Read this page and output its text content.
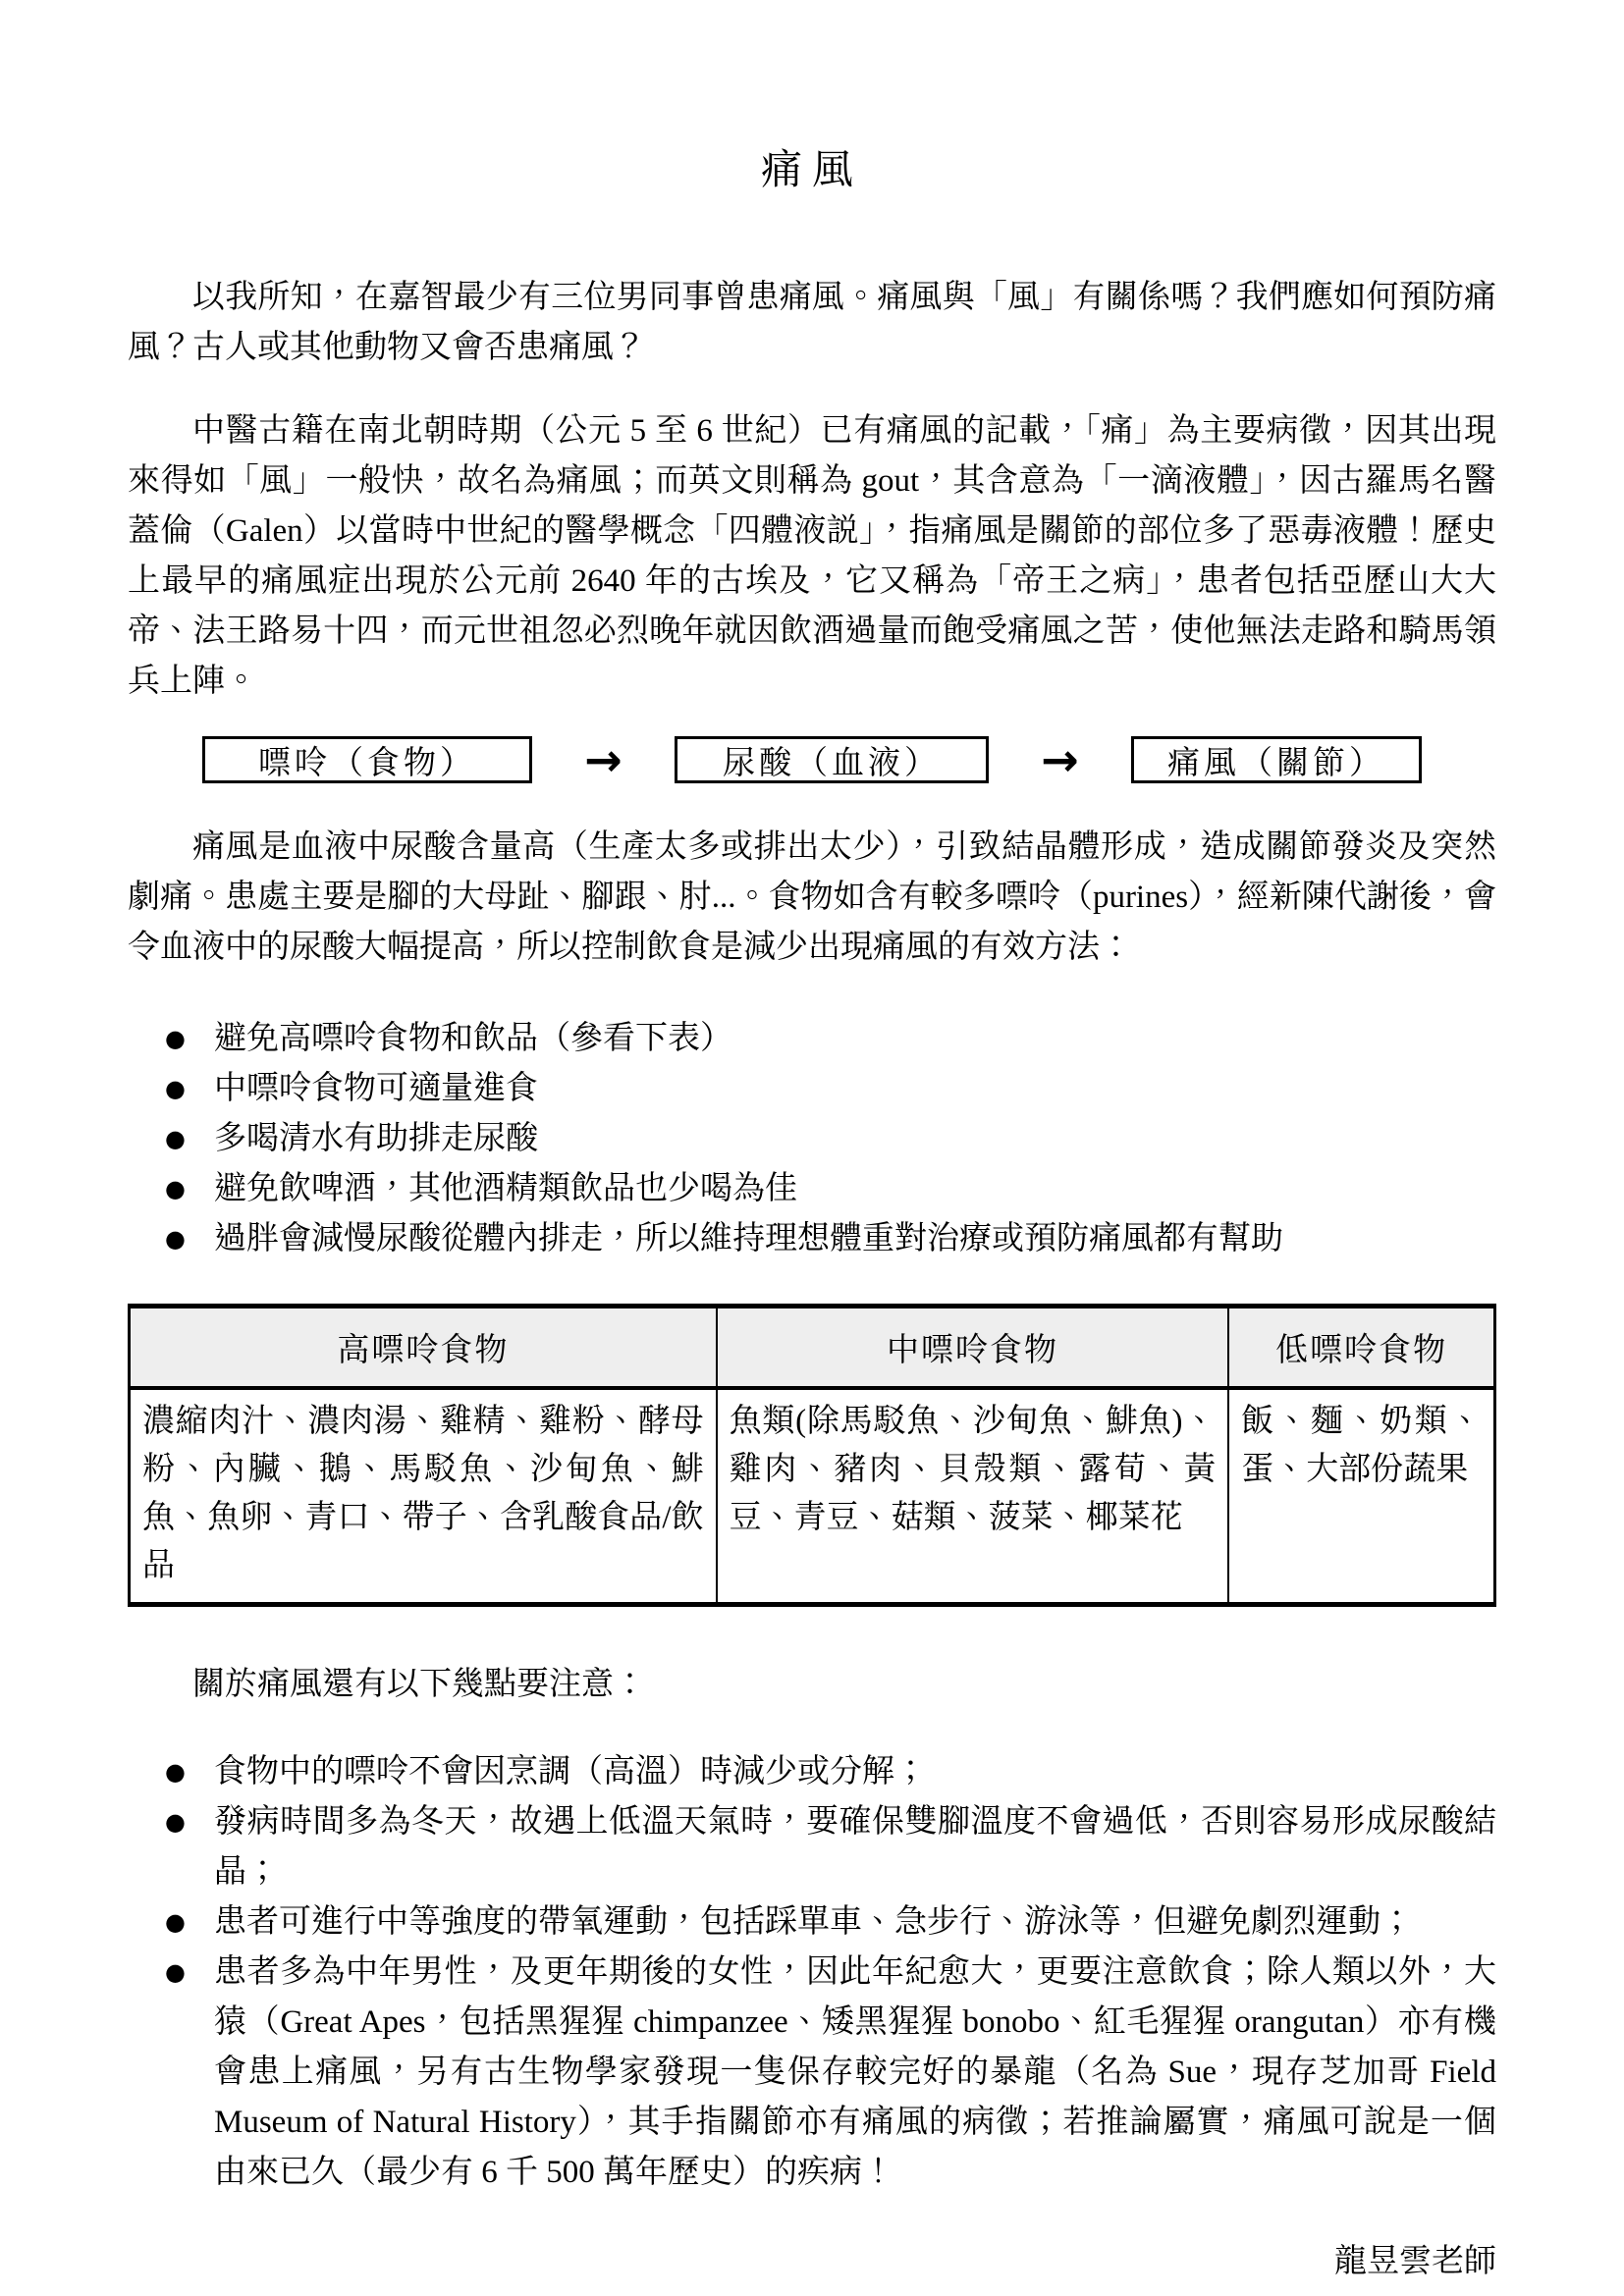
痛風

以我所知，在嘉智最少有三位男同事曾患痛風。痛風與「風」有關係嗎？我們應如何預防痛風？古人或其他動物又會否患痛風？

中醫古籍在南北朝時期（公元 5 至 6 世紀）已有痛風的記載，「痛」為主要病徵，因其出現來得如「風」一般快，故名為痛風；而英文則稱為 gout，其含意為「一滴液體」，因古羅馬名醫蓋倫（Galen）以當時中世紀的醫學概念「四體液説」，指痛風是關節的部位多了惡毒液體！歷史上最早的痛風症出現於公元前 2640 年的古埃及，它又稱為「帝王之病」，患者包括亞歷山大大帝、法王路易十四，而元世祖忽必烈晚年就因飲酒過量而飽受痛風之苦，使他無法走路和騎馬領兵上陣。

嘌呤（食物）	→	尿酸（血液）	→	痛風（關節）

痛風是血液中尿酸含量高（生產太多或排出太少），引致結晶體形成，造成關節發炎及突然劇痛。患處主要是腳的大母趾、腳跟、肘...。食物如含有較多嘌呤（purines），經新陳代謝後，會令血液中的尿酸大幅提高，所以控制飲食是減少出現痛風的有效方法：

● 避免高嘌呤食物和飲品（參看下表）
● 中嘌呤食物可適量進食
● 多喝清水有助排走尿酸
● 避免飲啤酒，其他酒精類飲品也少喝為佳
● 過胖會減慢尿酸從體內排走，所以維持理想體重對治療或預防痛風都有幫助
高嘌呤食物	中嘌呤食物	低嘌呤食物
濃縮肉汁、濃肉湯、雞精、雞粉、酵母粉、內臟、鵝、馬駁魚、沙甸魚、鯡魚、魚卵、青口、帶子、含乳酸食品/飲品	魚類(除馬駁魚、沙甸魚、鯡魚)、雞肉、豬肉、貝殼類、露荀、黃豆、青豆、菇類、菠菜、椰菜花	飯、麵、奶類、蛋、大部份蔬果

關於痛風還有以下幾點要注意：

● 食物中的嘌呤不會因烹調（高溫）時減少或分解；
● 發病時間多為冬天，故遇上低溫天氣時，要確保雙腳溫度不會過低，否則容易形成尿酸結晶；
● 患者可進行中等強度的帶氧運動，包括踩單車、急步行、游泳等，但避免劇烈運動；
● 患者多為中年男性，及更年期後的女性，因此年紀愈大，更要注意飲食；除人類以外，大猿（Great Apes，包括黑猩猩 chimpanzee、矮黑猩猩 bonobo、紅毛猩猩 orangutan）亦有機會患上痛風，另有古生物學家發現一隻保存較完好的暴龍（名為 Sue，現存芝加哥 Field Museum of Natural History），其手指關節亦有痛風的病徵；若推論屬實，痛風可說是一個由來已久（最少有 6 千 500 萬年歷史）的疾病！

龍昱雲老師
